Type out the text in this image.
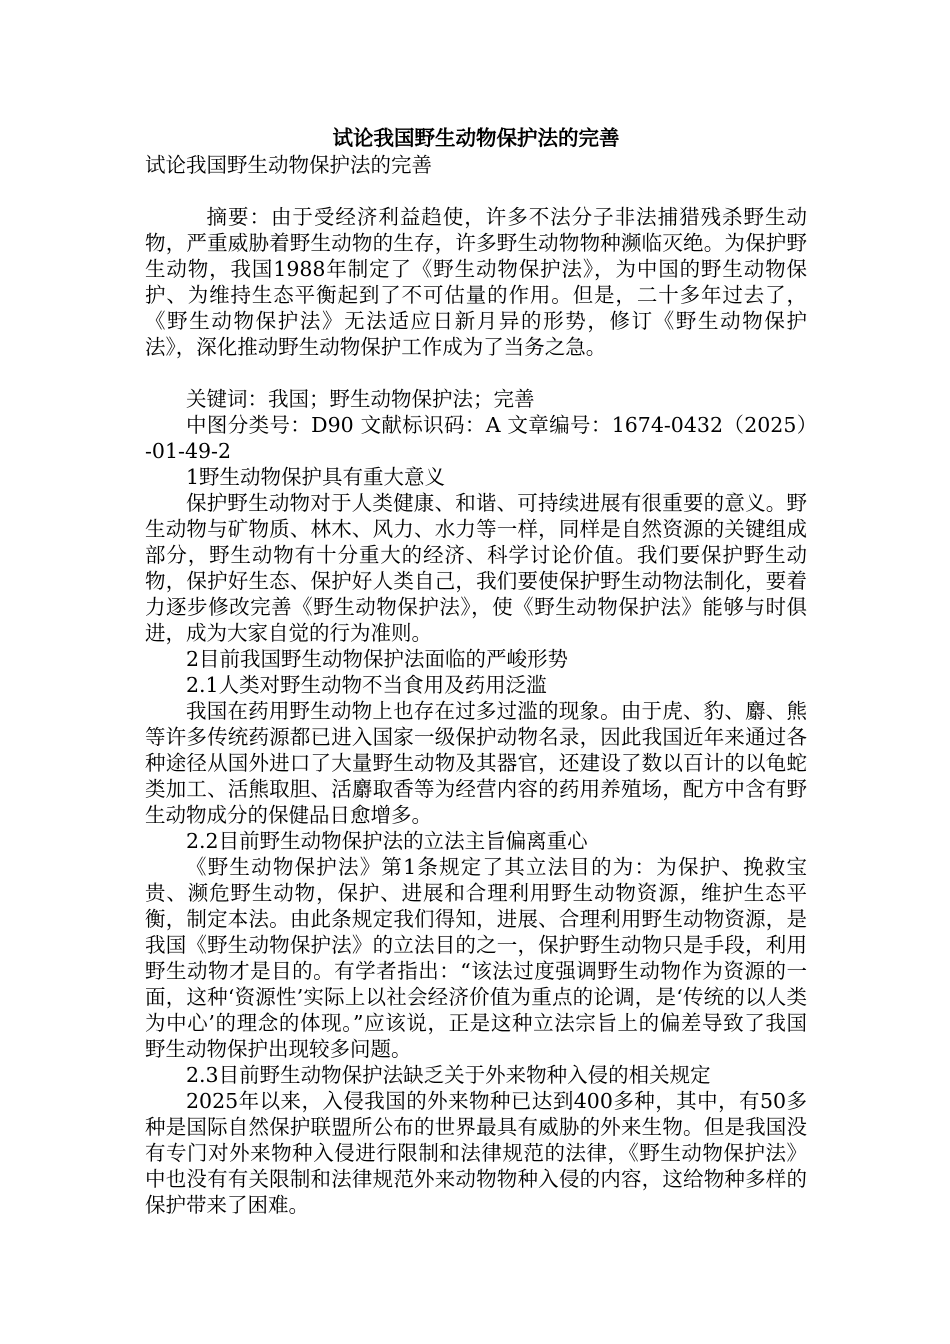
试论我国野生动物保护法的完善

试论我国野生动物保护法的完善

摘要：由于受经济利益趋使，许多不法分子非法捕猎残杀野生动物，严重威胁着野生动物的生存，许多野生动物物种濒临灭绝。为保护野生动物，我国1988年制定了《野生动物保护法》，为中国的野生动物保护、为维持生态平衡起到了不可估量的作用。但是，二十多年过去了，《野生动物保护法》无法适应日新月异的形势，修订《野生动物保护法》，深化推动野生动物保护工作成为了当务之急。

关键词：我国；野生动物保护法；完善

中图分类号：D90 文献标识码：A 文章编号：1674-0432（2025）-01-49-2

1野生动物保护具有重大意义

保护野生动物对于人类健康、和谐、可持续进展有很重要的意义。野生动物与矿物质、林木、风力、水力等一样，同样是自然资源的关键组成部分，野生动物有十分重大的经济、科学讨论价值。我们要保护野生动物，保护好生态、保护好人类自己，我们要使保护野生动物法制化，要着力逐步修改完善《野生动物保护法》，使《野生动物保护法》能够与时俱进，成为大家自觉的行为准则。

2目前我国野生动物保护法面临的严峻形势

2.1人类对野生动物不当食用及药用泛滥

我国在药用野生动物上也存在过多过滥的现象。由于虎、豹、麝、熊等许多传统药源都已进入国家一级保护动物名录，因此我国近年来通过各种途径从国外进口了大量野生动物及其器官，还建设了数以百计的以龟蛇类加工、活熊取胆、活麝取香等为经营内容的药用养殖场，配方中含有野生动物成分的保健品日愈增多。

2.2目前野生动物保护法的立法主旨偏离重心

《野生动物保护法》第1条规定了其立法目的为：为保护、挽救宝贵、濒危野生动物，保护、进展和合理利用野生动物资源，维护生态平衡，制定本法。由此条规定我们得知，进展、合理利用野生动物资源，是我国《野生动物保护法》的立法目的之一，保护野生动物只是手段，利用野生动物才是目的。有学者指出：“该法过度强调野生动物作为资源的一面，这种‘资源性’实际上以社会经济价值为重点的论调，是‘传统的以人类为中心’的理念的体现。”应该说，正是这种立法宗旨上的偏差导致了我国野生动物保护出现较多问题。

2.3目前野生动物保护法缺乏关于外来物种入侵的相关规定

2025年以来，入侵我国的外来物种已达到400多种，其中，有50多种是国际自然保护联盟所公布的世界最具有威胁的外来生物。但是我国没有专门对外来物种入侵进行限制和法律规范的法律，《野生动物保护法》中也没有有关限制和法律规范外来动物物种入侵的内容，这给物种多样的保护带来了困难。
